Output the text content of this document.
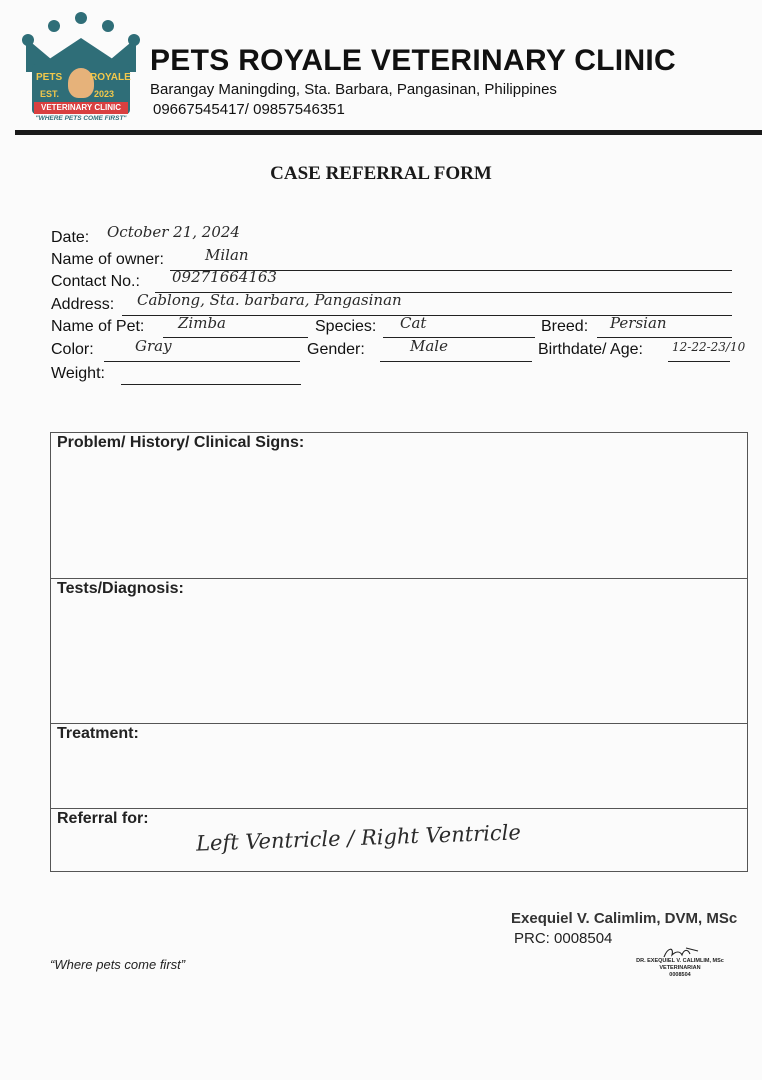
PETS	ROYALE
EST.	2023
VETERINARY CLINIC
"WHERE PETS COME FIRST"
PETS ROYALE VETERINARY CLINIC
Barangay Maningding, Sta. Barbara, Pangasinan, Philippines
09667545417/ 09857546351
CASE REFERRAL FORM
Date: October 21, 2024
Name of owner:	Milan
Contact No.: 09271664163
Address: Cablong, Sta. barbara, Pangasinan
Name of Pet: Zimba	Species: Cat	Breed: Persian
Color:	Gray	Gender:	Male	Birthdate/ Age: 12-22-23/10
Weight:
Problem/ History/ Clinical Signs:
Tests/Diagnosis:
Treatment:
Referral for:
Left Ventricle / Right Ventricle
Exequiel V. Calimlim, DVM, MSc
PRC: 0008504
“Where pets come first”	DR. EXEQUIEL V. CALIMLIM, MSc
VETERINARIAN
0008504
